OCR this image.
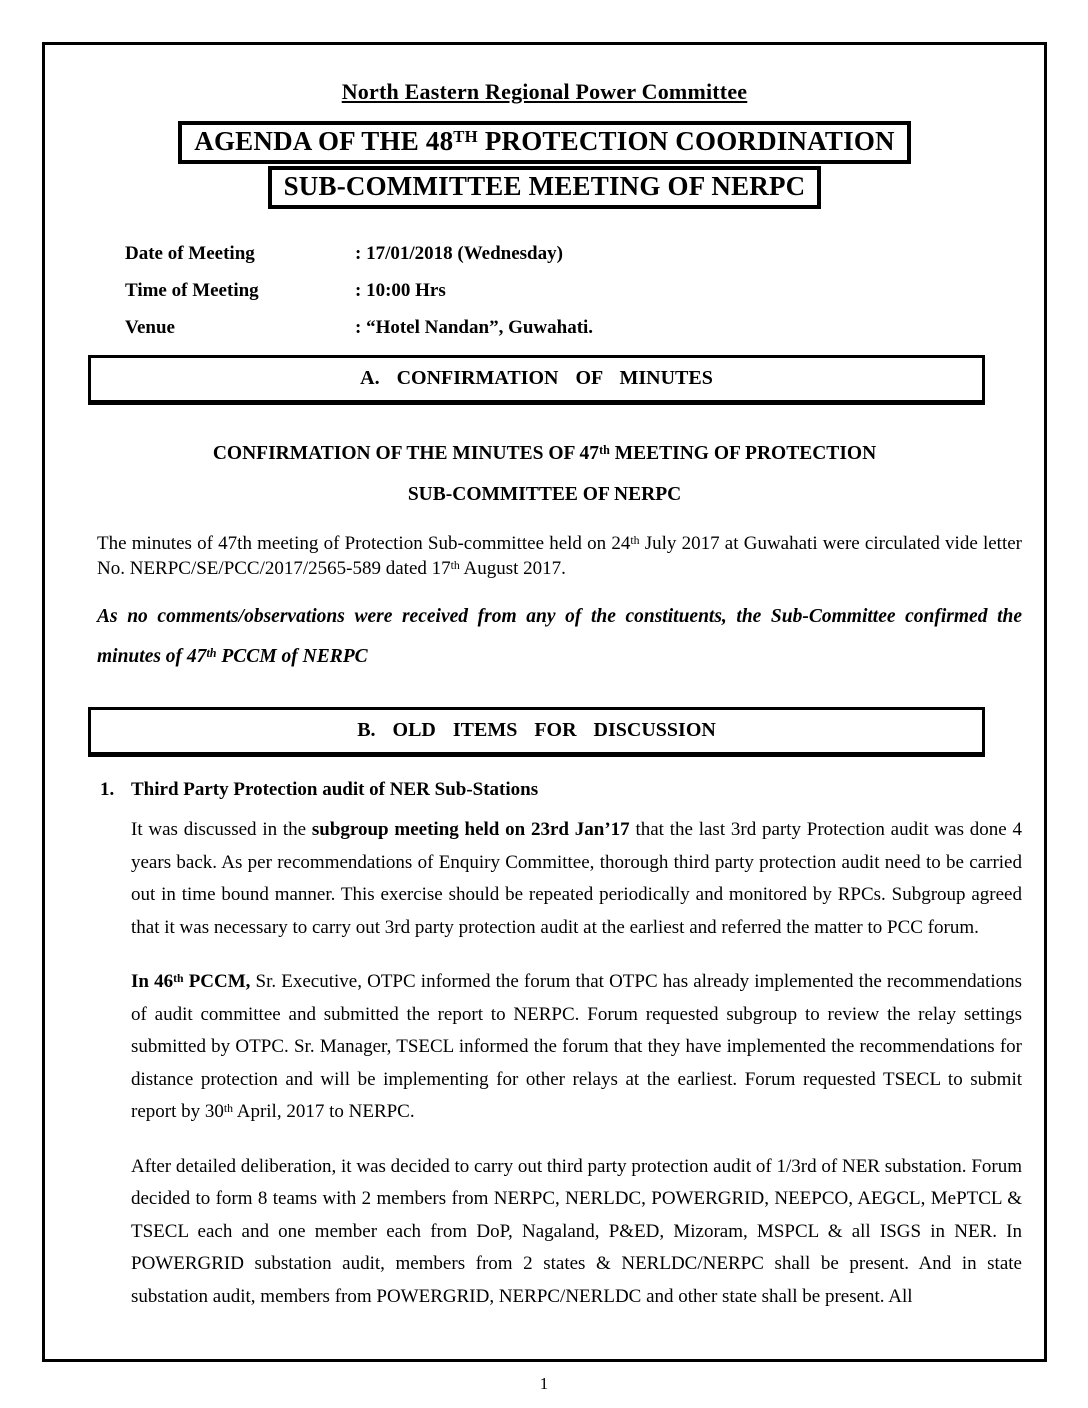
North Eastern Regional Power Committee
AGENDA OF THE 48TH PROTECTION COORDINATION
SUB-COMMITTEE MEETING OF NERPC
Date of Meeting	: 17/01/2018 (Wednesday)
Time of Meeting	: 10:00 Hrs
Venue	: “Hotel Nandan”, Guwahati.
A. CONFIRMATION OF MINUTES
CONFIRMATION OF THE MINUTES OF 47th MEETING OF PROTECTION
SUB-COMMITTEE OF NERPC

The minutes of 47th meeting of Protection Sub-committee held on 24th July 2017 at Guwahati were circulated vide letter No. NERPC/SE/PCC/2017/2565-589 dated 17th August 2017.

As no comments/observations were received from any of the constituents, the Sub-Committee confirmed the minutes of 47th PCCM of NERPC

B. OLD ITEMS FOR DISCUSSION
1. Third Party Protection audit of NER Sub-Stations

It was discussed in the subgroup meeting held on 23rd Jan’17 that the last 3rd party Protection audit was done 4 years back. As per recommendations of Enquiry Committee, thorough third party protection audit need to be carried out in time bound manner. This exercise should be repeated periodically and monitored by RPCs. Subgroup agreed that it was necessary to carry out 3rd party protection audit at the earliest and referred the matter to PCC forum.

In 46th PCCM, Sr. Executive, OTPC informed the forum that OTPC has already implemented the recommendations of audit committee and submitted the report to NERPC. Forum requested subgroup to review the relay settings submitted by OTPC. Sr. Manager, TSECL informed the forum that they have implemented the recommendations for distance protection and will be implementing for other relays at the earliest. Forum requested TSECL to submit report by 30th April, 2017 to NERPC.

After detailed deliberation, it was decided to carry out third party protection audit of 1/3rd of NER substation. Forum decided to form 8 teams with 2 members from NERPC, NERLDC, POWERGRID, NEEPCO, AEGCL, MePTCL & TSECL each and one member each from DoP, Nagaland, P&ED, Mizoram, MSPCL & all ISGS in NER. In POWERGRID substation audit, members from 2 states & NERLDC/NERPC shall be present. And in state substation audit, members from POWERGRID, NERPC/NERLDC and other state shall be present. All

1
